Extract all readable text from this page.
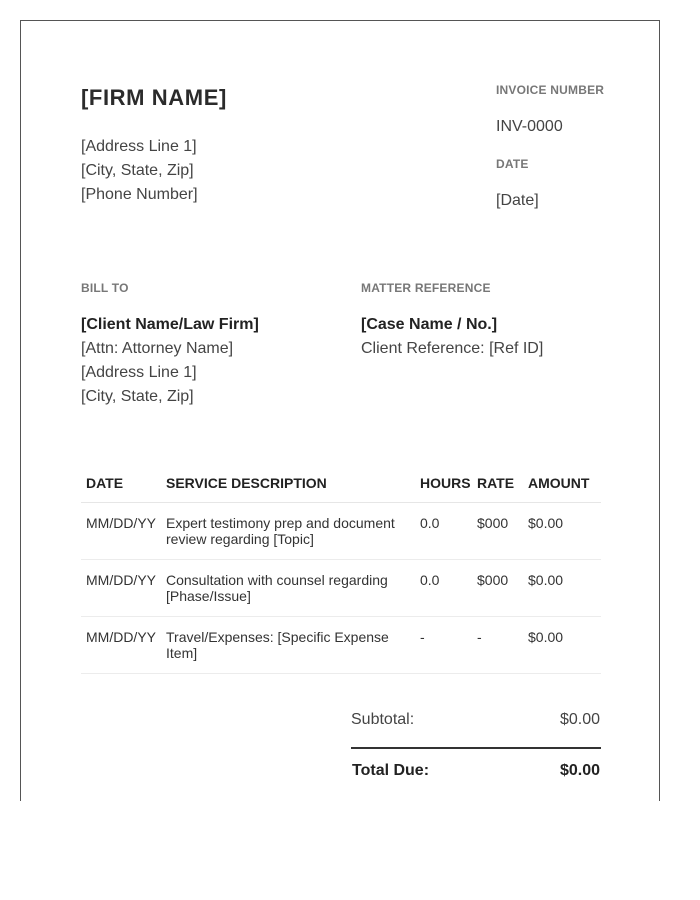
[FIRM NAME]
[Address Line 1]
[City, State, Zip]
[Phone Number]
INVOICE NUMBER
INV-0000
DATE
[Date]
BILL TO
[Client Name/Law Firm]
[Attn: Attorney Name]
[Address Line 1]
[City, State, Zip]
MATTER REFERENCE
[Case Name / No.]
Client Reference: [Ref ID]
DATE	SERVICE DESCRIPTION	HOURS	RATE	AMOUNT
MM/DD/YY	Expert testimony prep and document review regarding [Topic]	0.0	$000	$0.00
MM/DD/YY	Consultation with counsel regarding [Phase/Issue]	0.0	$000	$0.00
MM/DD/YY	Travel/Expenses: [Specific Expense Item]	-	-	$0.00
Subtotal:	$0.00
Total Due:	$0.00
